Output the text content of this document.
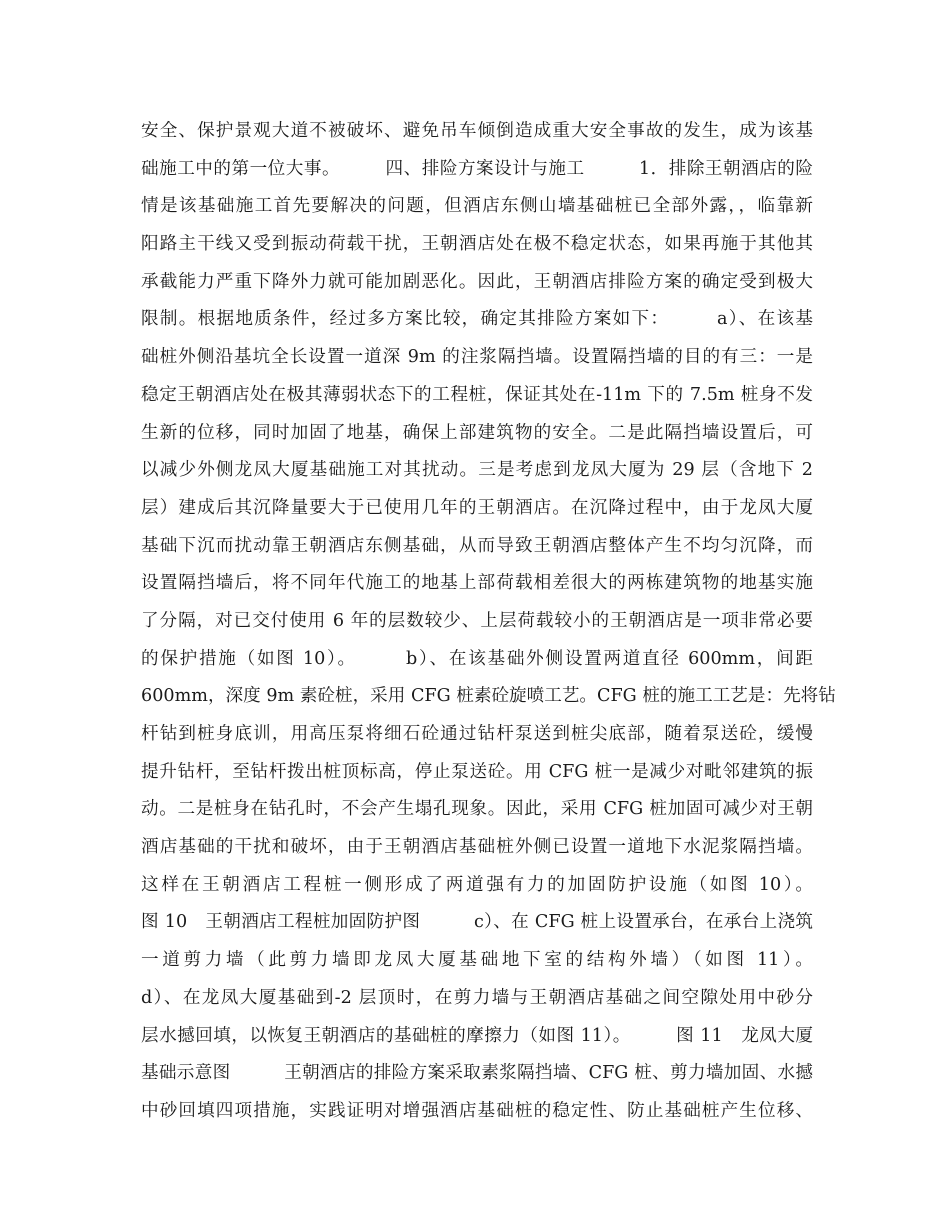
安全、保护景观大道不被破坏、避免吊车倾倒造成重大安全事故的发生，成为该基
础施工中的第一位大事。　　　四、排险方案设计与施工　　　1．排除王朝酒店的险
情是该基础施工首先要解决的问题，但酒店东侧山墙基础桩已全部外露，，临靠新
阳路主干线又受到振动荷载干扰，王朝酒店处在极不稳定状态，如果再施于其他其
承截能力严重下降外力就可能加剧恶化。因此，王朝酒店排险方案的确定受到极大
限制。根据地质条件，经过多方案比较，确定其排险方案如下：　　　a）、在该基
础桩外侧沿基坑全长设置一道深 9m 的注浆隔挡墙。设置隔挡墙的目的有三：一是
稳定王朝酒店处在极其薄弱状态下的工程桩，保证其处在-11m 下的 7.5m 桩身不发
生新的位移，同时加固了地基，确保上部建筑物的安全。二是此隔挡墙设置后，可
以减少外侧龙凤大厦基础施工对其扰动。三是考虑到龙凤大厦为 29 层（含地下 2
层）建成后其沉降量要大于已使用几年的王朝酒店。在沉降过程中，由于龙凤大厦
基础下沉而扰动靠王朝酒店东侧基础，从而导致王朝酒店整体产生不均匀沉降，而
设置隔挡墙后，将不同年代施工的地基上部荷载相差很大的两栋建筑物的地基实施
了分隔，对已交付使用 6 年的层数较少、上层荷载较小的王朝酒店是一项非常必要
的保护措施（如图 10）。　　　b）、在该基础外侧设置两道直径 600mm，间距
600mm，深度 9m 素砼桩，采用 CFG 桩素砼旋喷工艺。CFG 桩的施工工艺是：先将钻
杆钻到桩身底训，用高压泵将细石砼通过钻杆泵送到桩尖底部，随着泵送砼，缓慢
提升钻杆，至钻杆拨出桩顶标高，停止泵送砼。用 CFG 桩一是减少对毗邻建筑的振
动。二是桩身在钻孔时，不会产生塌孔现象。因此，采用 CFG 桩加固可减少对王朝
酒店基础的干扰和破坏，由于王朝酒店基础桩外侧已设置一道地下水泥浆隔挡墙。
这样在王朝酒店工程桩一侧形成了两道强有力的加固防护设施（如图 10）。
图 10　王朝酒店工程桩加固防护图　　　c）、在 CFG 桩上设置承台，在承台上浇筑
一道剪力墙（此剪力墙即龙凤大厦基础地下室的结构外墙）（如图 11）。
d）、在龙凤大厦基础到-2 层顶时，在剪力墙与王朝酒店基础之间空隙处用中砂分
层水撼回填，以恢复王朝酒店的基础桩的摩擦力（如图 11）。　　　图 11　龙凤大厦
基础示意图　　　王朝酒店的排险方案采取素浆隔挡墙、CFG 桩、剪力墙加固、水撼
中砂回填四项措施，实践证明对增强酒店基础桩的稳定性、防止基础桩产生位移、
